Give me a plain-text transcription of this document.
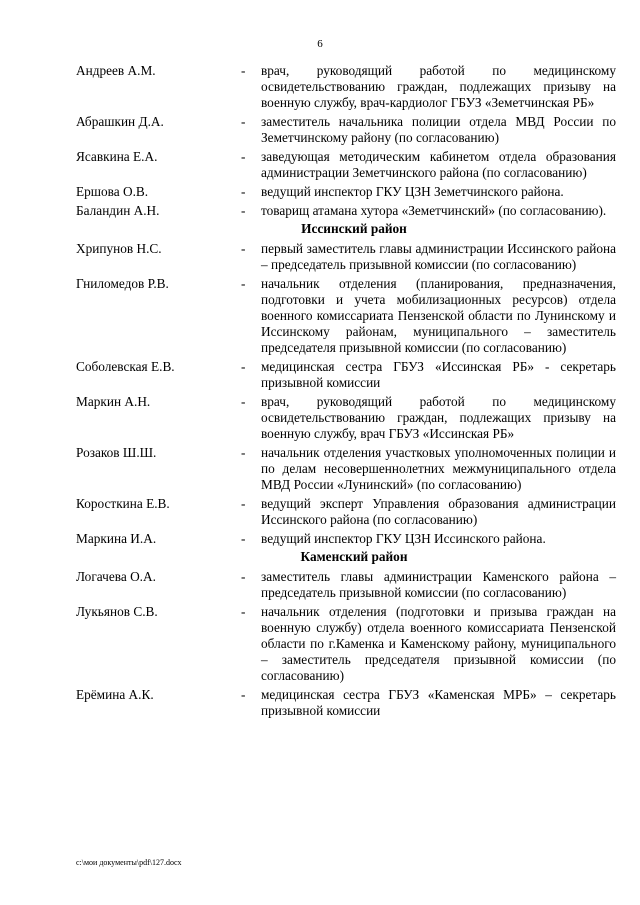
6
Андреев А.М.	-	врач, руководящий работой по медицинскому освидетельствованию граждан, подлежащих призыву на военную службу, врач-кардиолог ГБУЗ «Земетчинская РБ»
Абрашкин Д.А.	-	заместитель начальника полиции отдела МВД России по Земетчинскому району (по согласованию)
Ясавкина Е.А.	-	заведующая методическим кабинетом отдела образования администрации Земетчинского района (по согласованию)
Ершова О.В.	-	ведущий инспектор ГКУ ЦЗН Земетчинского района.
Баландин А.Н.	-	товарищ атамана хутора «Земетчинский» (по согласованию).
Иссинский район
Хрипунов Н.С.	-	первый заместитель главы администрации Иссинского района – председатель призывной комиссии (по согласованию)
Гниломедов Р.В.	-	начальник отделения (планирования, предназначения, подготовки и учета мобилизационных ресурсов) отдела военного комиссариата Пензенской области по Лунинскому и Иссинскому районам, муниципального – заместитель председателя призывной комиссии (по согласованию)
Соболевская Е.В.	-	медицинская сестра ГБУЗ «Иссинская РБ» - секретарь призывной комиссии
Маркин А.Н.	-	врач, руководящий работой по медицинскому освидетельствованию граждан, подлежащих призыву на военную службу, врач ГБУЗ «Иссинская РБ»
Розаков Ш.Ш.	-	начальник отделения участковых уполномоченных полиции и по делам несовершеннолетних межмуниципального отдела МВД России «Лунинский» (по согласованию)
Коросткина Е.В.	-	ведущий эксперт Управления образования администрации Иссинского района (по согласованию)
Маркина И.А.	-	ведущий инспектор ГКУ ЦЗН Иссинского района.
Каменский район
Логачева О.А.	-	заместитель главы администрации Каменского района – председатель призывной комиссии (по согласованию)
Лукьянов С.В.	-	начальник отделения (подготовки и призыва граждан на военную службу) отдела военного комиссариата Пензенской области по г.Каменка и Каменскому району, муниципального – заместитель председателя призывной комиссии (по согласованию)
Ерёмина А.К.	-	медицинская сестра ГБУЗ «Каменская МРБ» – секретарь призывной комиссии
c:\мои документы\pdf\127.docx
